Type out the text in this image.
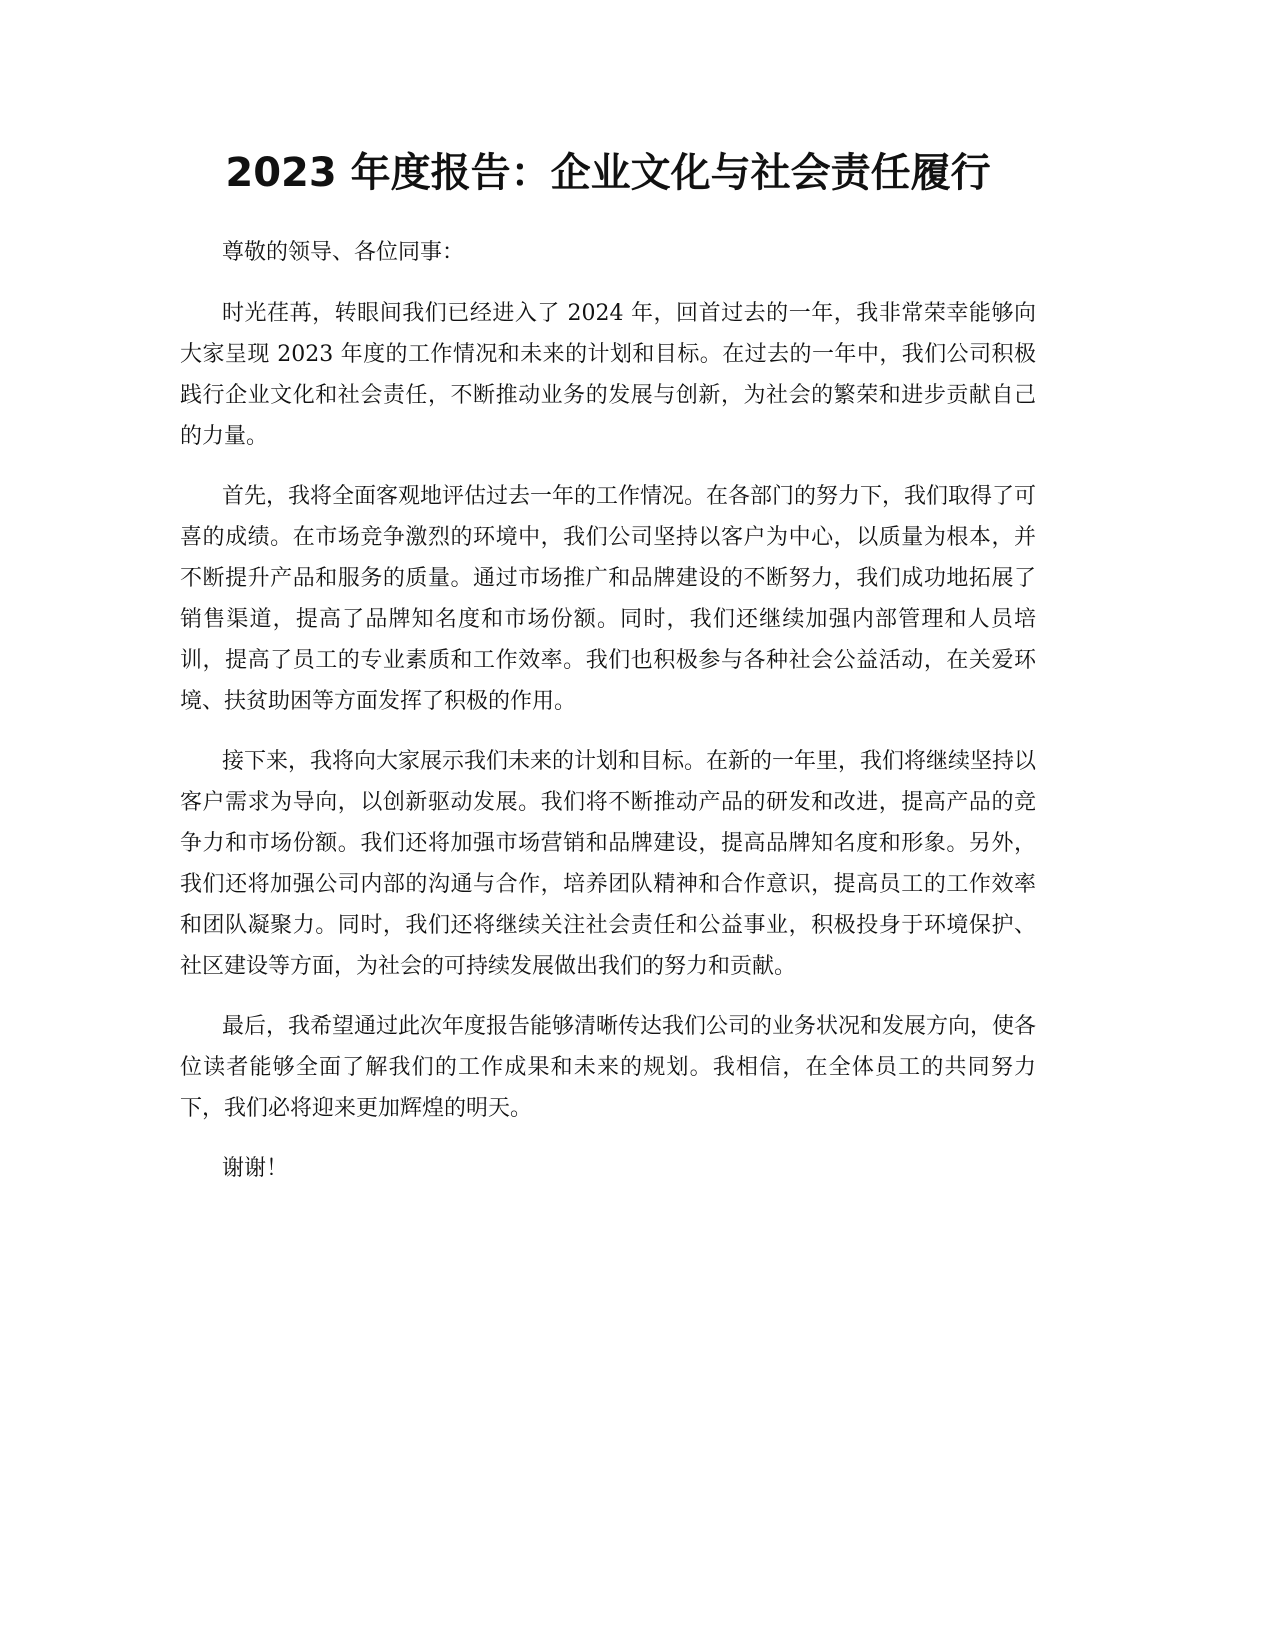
2023 年度报告：企业文化与社会责任履行

尊敬的领导、各位同事：

时光荏苒，转眼间我们已经进入了 2024 年，回首过去的一年，我非常荣幸能够向大家呈现 2023 年度的工作情况和未来的计划和目标。在过去的一年中，我们公司积极践行企业文化和社会责任，不断推动业务的发展与创新，为社会的繁荣和进步贡献自己的力量。

首先，我将全面客观地评估过去一年的工作情况。在各部门的努力下，我们取得了可喜的成绩。在市场竞争激烈的环境中，我们公司坚持以客户为中心，以质量为根本，并不断提升产品和服务的质量。通过市场推广和品牌建设的不断努力，我们成功地拓展了销售渠道，提高了品牌知名度和市场份额。同时，我们还继续加强内部管理和人员培训，提高了员工的专业素质和工作效率。我们也积极参与各种社会公益活动，在关爱环境、扶贫助困等方面发挥了积极的作用。

接下来，我将向大家展示我们未来的计划和目标。在新的一年里，我们将继续坚持以客户需求为导向，以创新驱动发展。我们将不断推动产品的研发和改进，提高产品的竞争力和市场份额。我们还将加强市场营销和品牌建设，提高品牌知名度和形象。另外，我们还将加强公司内部的沟通与合作，培养团队精神和合作意识，提高员工的工作效率和团队凝聚力。同时，我们还将继续关注社会责任和公益事业，积极投身于环境保护、社区建设等方面，为社会的可持续发展做出我们的努力和贡献。

最后，我希望通过此次年度报告能够清晰传达我们公司的业务状况和发展方向，使各位读者能够全面了解我们的工作成果和未来的规划。我相信，在全体员工的共同努力下，我们必将迎来更加辉煌的明天。

谢谢！
